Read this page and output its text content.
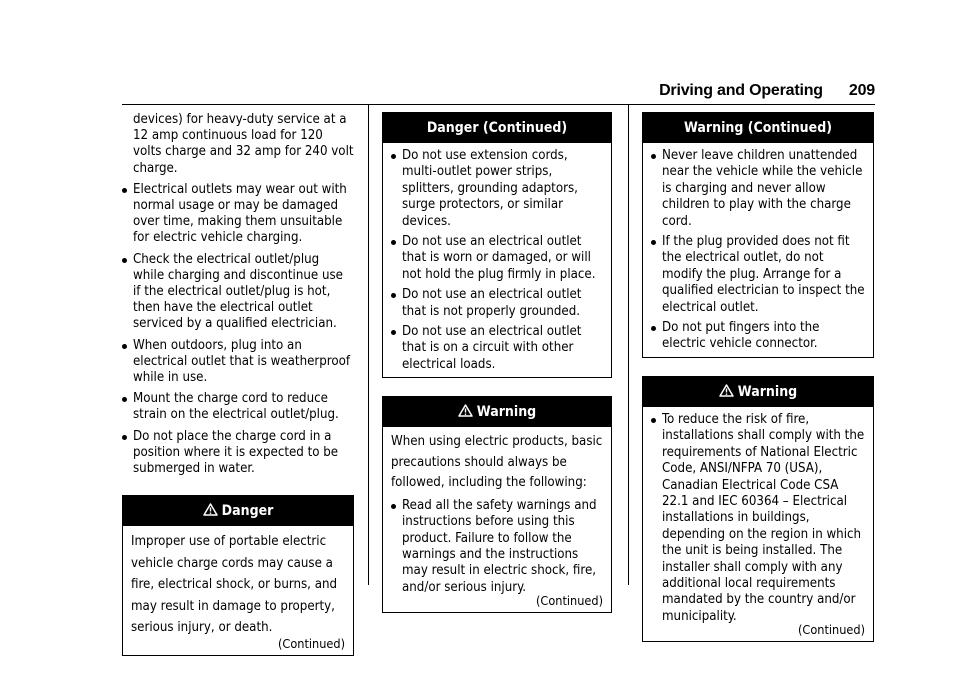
Driving and Operating 209

devices) for heavy-duty service at a 12 amp continuous load for 120 volts charge and 32 amp for 240 volt charge.

Electrical outlets may wear out with normal usage or may be damaged over time, making them unsuitable for electric vehicle charging.
Check the electrical outlet/plug while charging and discontinue use if the electrical outlet/plug is hot, then have the electrical outlet serviced by a qualified electrician.
When outdoors, plug into an electrical outlet that is weatherproof while in use.
Mount the charge cord to reduce strain on the electrical outlet/plug.
Do not place the charge cord in a position where it is expected to be submerged in water.
Danger

Improper use of portable electric vehicle charge cords may cause a fire, electrical shock, or burns, and may result in damage to property, serious injury, or death.

(Continued)
Danger (Continued)
Do not use extension cords, multi-outlet power strips, splitters, grounding adaptors, surge protectors, or similar devices.
Do not use an electrical outlet that is worn or damaged, or will not hold the plug firmly in place.
Do not use an electrical outlet that is not properly grounded.
Do not use an electrical outlet that is on a circuit with other electrical loads.
Warning

When using electric products, basic precautions should always be followed, including the following:

Read all the safety warnings and instructions before using this product. Failure to follow the warnings and the instructions may result in electric shock, fire, and/or serious injury.
(Continued)
Warning (Continued)
Never leave children unattended near the vehicle while the vehicle is charging and never allow children to play with the charge cord.
If the plug provided does not fit the electrical outlet, do not modify the plug. Arrange for a qualified electrician to inspect the electrical outlet.
Do not put fingers into the electric vehicle connector.
Warning
To reduce the risk of fire, installations shall comply with the requirements of National Electric Code, ANSI/NFPA 70 (USA), Canadian Electrical Code CSA 22.1 and IEC 60364 – Electrical installations in buildings, depending on the region in which the unit is being installed. The installer shall comply with any additional local requirements mandated by the country and/or municipality.
(Continued)
